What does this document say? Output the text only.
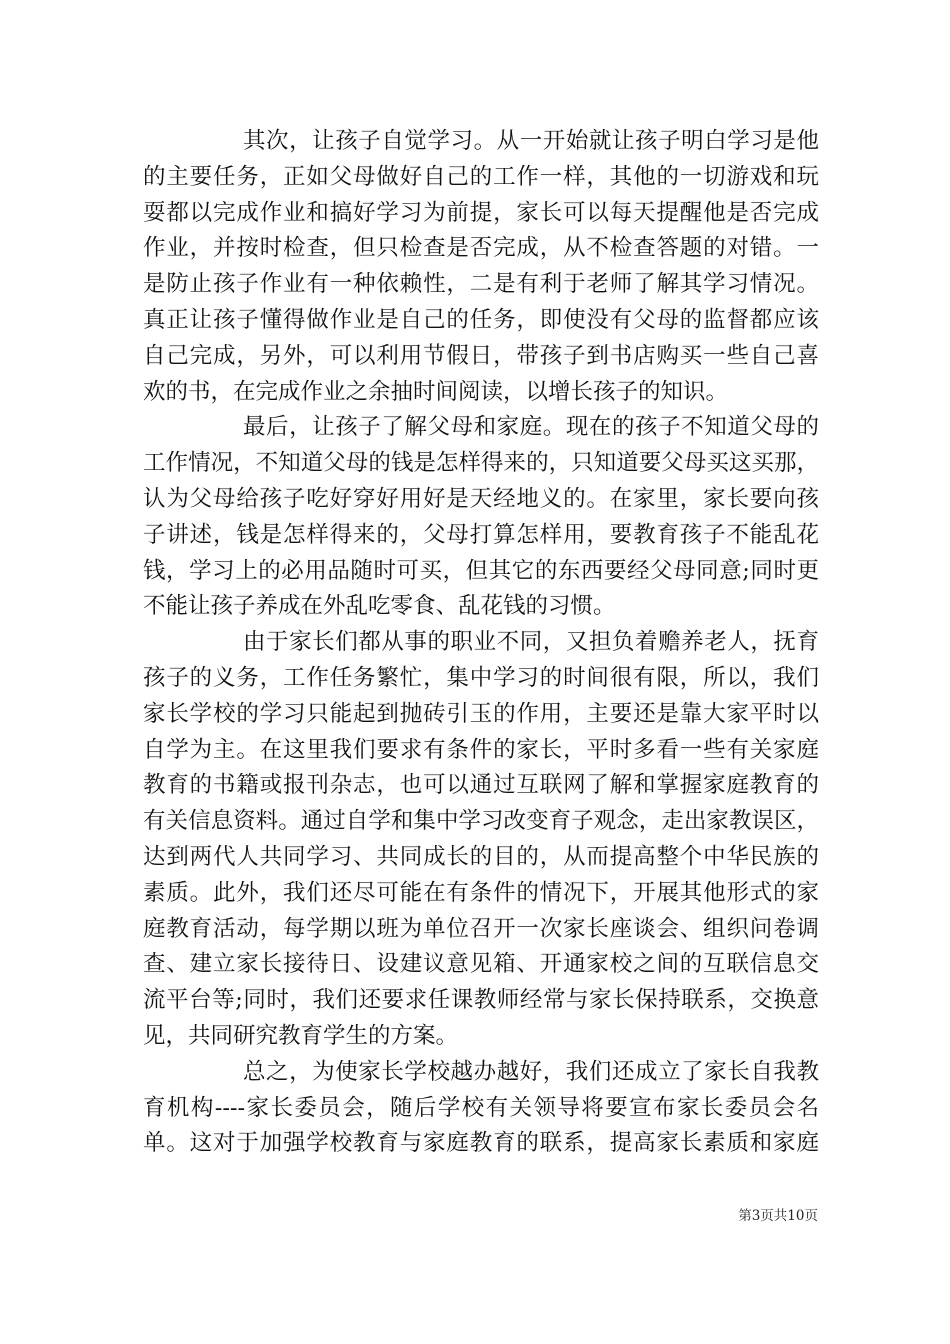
其次，让孩子自觉学习。从一开始就让孩子明白学习是他
的主要任务，正如父母做好自己的工作一样，其他的一切游戏和玩
耍都以完成作业和搞好学习为前提，家长可以每天提醒他是否完成
作业，并按时检查，但只检查是否完成，从不检查答题的对错。一
是防止孩子作业有一种依赖性，二是有利于老师了解其学习情况。
真正让孩子懂得做作业是自己的任务，即使没有父母的监督都应该
自己完成，另外，可以利用节假日，带孩子到书店购买一些自己喜
欢的书，在完成作业之余抽时间阅读，以增长孩子的知识。
最后，让孩子了解父母和家庭。现在的孩子不知道父母的
工作情况，不知道父母的钱是怎样得来的，只知道要父母买这买那，
认为父母给孩子吃好穿好用好是天经地义的。在家里，家长要向孩
子讲述，钱是怎样得来的，父母打算怎样用，要教育孩子不能乱花
钱，学习上的必用品随时可买，但其它的东西要经父母同意;同时更
不能让孩子养成在外乱吃零食、乱花钱的习惯。
由于家长们都从事的职业不同，又担负着赡养老人，抚育
孩子的义务，工作任务繁忙，集中学习的时间很有限，所以，我们
家长学校的学习只能起到抛砖引玉的作用，主要还是靠大家平时以
自学为主。在这里我们要求有条件的家长，平时多看一些有关家庭
教育的书籍或报刊杂志，也可以通过互联网了解和掌握家庭教育的
有关信息资料。通过自学和集中学习改变育子观念，走出家教误区，
达到两代人共同学习、共同成长的目的，从而提高整个中华民族的
素质。此外，我们还尽可能在有条件的情况下，开展其他形式的家
庭教育活动，每学期以班为单位召开一次家长座谈会、组织问卷调
查、建立家长接待日、设建议意见箱、开通家校之间的互联信息交
流平台等;同时，我们还要求任课教师经常与家长保持联系，交换意
见，共同研究教育学生的方案。
总之，为使家长学校越办越好，我们还成立了家长自我教
育机构----家长委员会，随后学校有关领导将要宣布家长委员会名
单。这对于加强学校教育与家庭教育的联系，提高家长素质和家庭
第3页共10页
